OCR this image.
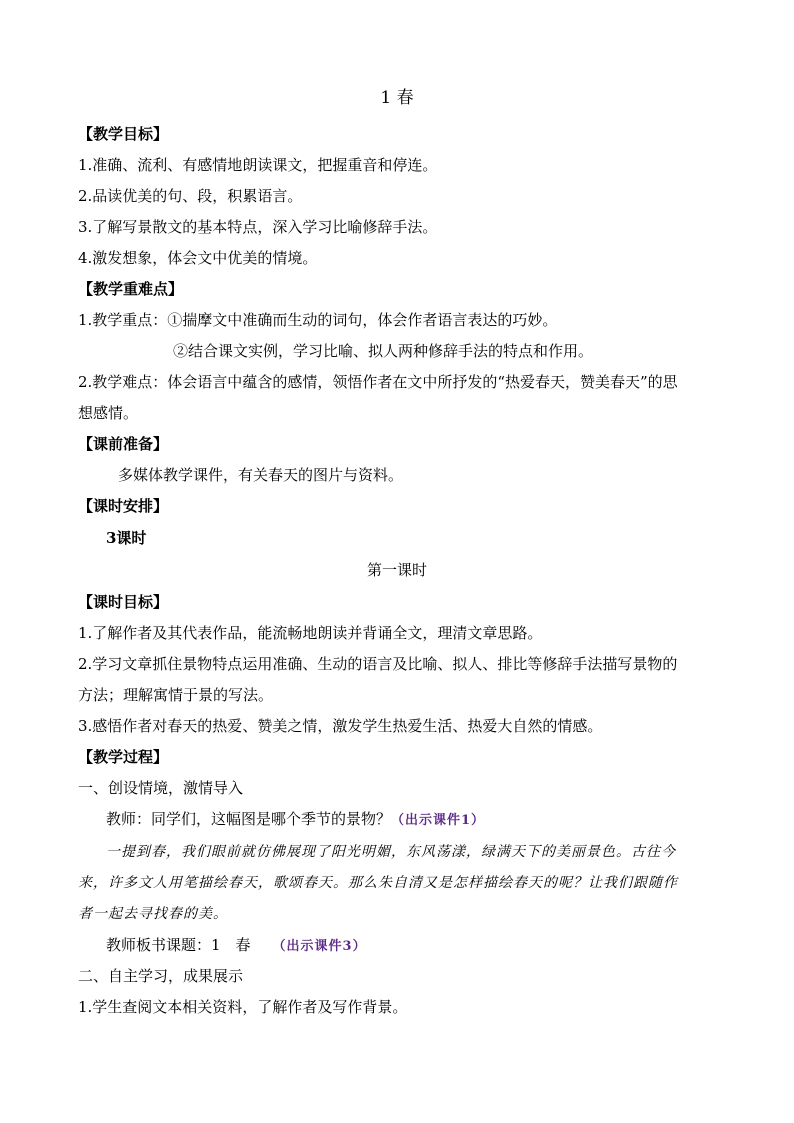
1 春
【教学目标】
1.准确、流利、有感情地朗读课文，把握重音和停连。
2.品读优美的句、段，积累语言。
3.了解写景散文的基本特点，深入学习比喻修辞手法。
4.激发想象，体会文中优美的情境。
【教学重难点】
1.教学重点：①揣摩文中准确而生动的词句，体会作者语言表达的巧妙。
②结合课文实例，学习比喻、拟人两种修辞手法的特点和作用。
2.教学难点：体会语言中蕴含的感情，领悟作者在文中所抒发的“热爱春天，赞美春天”的思
想感情。
【课前准备】
多媒体教学课件，有关春天的图片与资料。
【课时安排】
3课时
第一课时
【课时目标】
1.了解作者及其代表作品，能流畅地朗读并背诵全文，理清文章思路。
2.学习文章抓住景物特点运用准确、生动的语言及比喻、拟人、排比等修辞手法描写景物的
方法；理解寓情于景的写法。
3.感悟作者对春天的热爱、赞美之情，激发学生热爱生活、热爱大自然的情感。
【教学过程】
一、创设情境，激情导入
教师：同学们，这幅图是哪个季节的景物？（出示课件1）
一提到春，我们眼前就仿佛展现了阳光明媚，东风荡漾，绿满天下的美丽景色。古往今
来，许多文人用笔描绘春天，歌颂春天。那么朱自清又是怎样描绘春天的呢？让我们跟随作
者一起去寻找春的美。
教师板书课题：1　春 （出示课件3）
二、自主学习，成果展示
1.学生查阅文本相关资料，了解作者及写作背景。
